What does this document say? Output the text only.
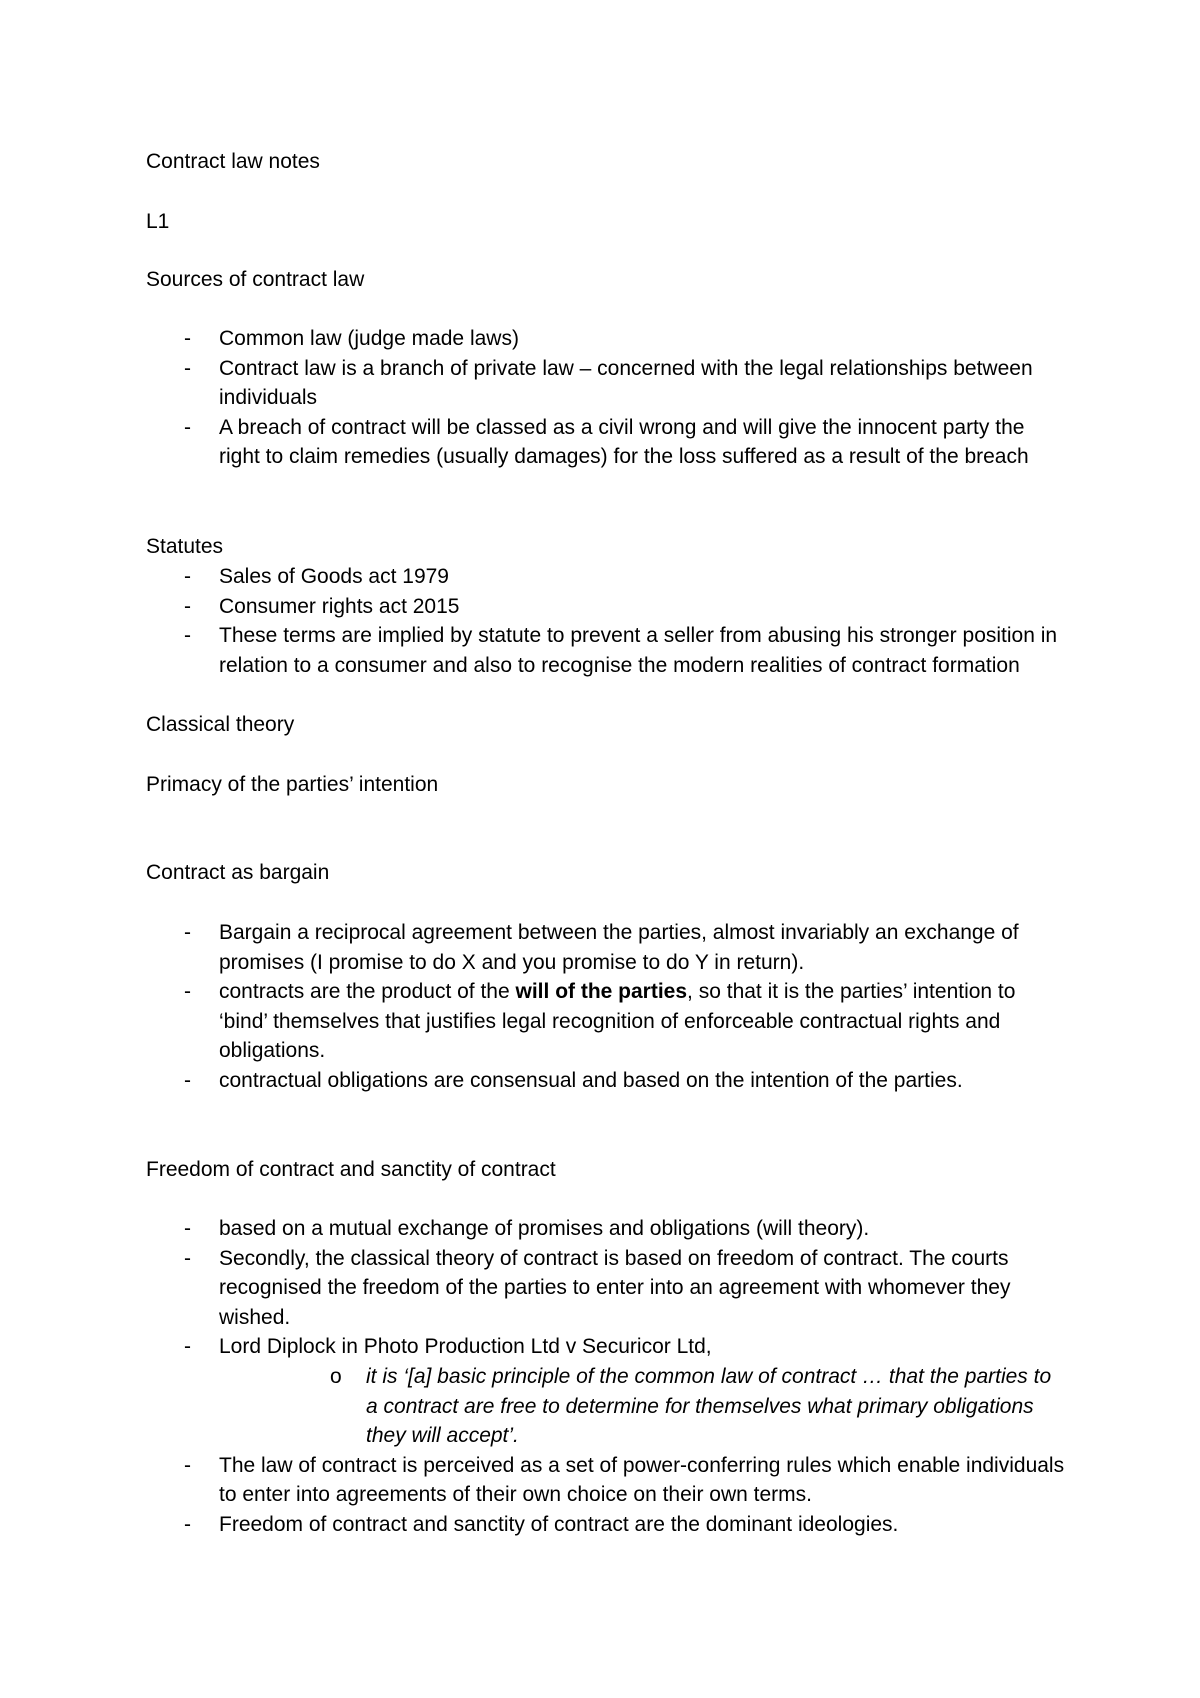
Contract law notes

L1

Sources of contract law

- Common law (judge made laws)
- Contract law is a branch of private law – concerned with the legal relationships between individuals
- A breach of contract will be classed as a civil wrong and will give the innocent party the right to claim remedies (usually damages) for the loss suffered as a result of the breach

Statutes

- Sales of Goods act 1979
- Consumer rights act 2015
- These terms are implied by statute to prevent a seller from abusing his stronger position in relation to a consumer and also to recognise the modern realities of contract formation

Classical theory

Primacy of the parties’ intention

Contract as bargain

- Bargain a reciprocal agreement between the parties, almost invariably an exchange of promises (I promise to do X and you promise to do Y in return).
- contracts are the product of the will of the parties, so that it is the parties’ intention to ‘bind’ themselves that justifies legal recognition of enforceable contractual rights and obligations.
- contractual obligations are consensual and based on the intention of the parties.

Freedom of contract and sanctity of contract

- based on a mutual exchange of promises and obligations (will theory).
- Secondly, the classical theory of contract is based on freedom of contract. The courts recognised the freedom of the parties to enter into an agreement with whomever they wished.
- Lord Diplock in Photo Production Ltd v Securicor Ltd,
o it is ‘[a] basic principle of the common law of contract … that the parties to a contract are free to determine for themselves what primary obligations they will accept’.
- The law of contract is perceived as a set of power-conferring rules which enable individuals to enter into agreements of their own choice on their own terms.
- Freedom of contract and sanctity of contract are the dominant ideologies.
